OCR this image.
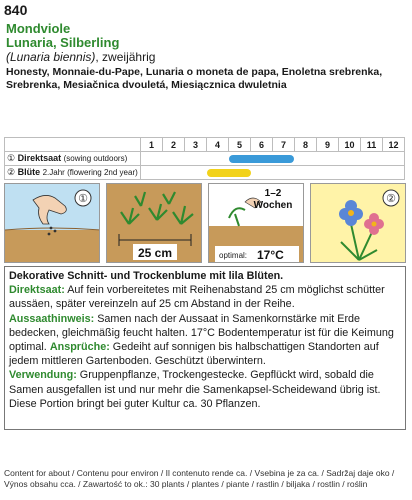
840
Mondviole
Lunaria, Silberling
(Lunaria biennis), zweijährig
Honesty, Monnaie-du-Pape, Lunaria o moneta de papa, Enoletna srebrenka, Srebrenka, Mesiačnica dvouletá, Miesiącznica dwuletnia
	1	2	3	4	5	6	7	8	9	10	11	12
① Direktsaat (sowing outdoors)												

② Blüte 2.Jahr (flowering 2nd year)												
①
25 cm
1–2
Wochen
optimal: 17°C
②
Dekorative Schnitt- und Trockenblume mit lila Blüten.
Direktsaat: Auf fein vorbereitetes mit Reihenabstand 25 cm möglichst schütter aussäen, später vereinzeln auf 25 cm Abstand in der Reihe.
Aussaathinweis: Samen nach der Aussaat in Samenkornstärke mit Erde bedecken, gleichmäßig feucht halten. 17°C Bodentemperatur ist für die Keimung optimal. Ansprüche: Gedeiht auf sonnigen bis halbschattigen Standorten auf jedem mittleren Gartenboden. Geschützt überwintern.
Verwendung: Gruppenpflanze, Trockengestecke. Gepflückt wird, sobald die Samen ausgefallen ist und nur mehr die Samenkapsel-Scheidewand übrig ist. Diese Portion bringt bei guter Kultur ca. 30 Pflanzen.
Content for about / Contenu pour environ / Il contenuto rende ca. / Vsebina je za ca. / Sadržaj daje oko /
Výnos obsahu cca. / Zawartość to ok.: 30 plants / plantes / piante / rastlin / biljaka / rostlin / roślin
